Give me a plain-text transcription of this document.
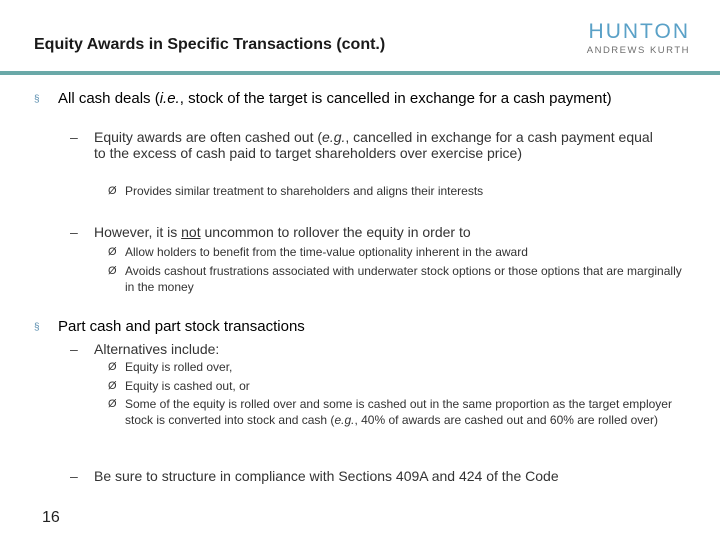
Equity Awards in Specific Transactions (cont.)
HUNTON
ANDREWS KURTH
§	All cash deals (i.e., stock of the target is cancelled in exchange for a cash payment)
–	Equity awards are often cashed out (e.g., cancelled in exchange for a cash payment equal to the excess of cash paid to target shareholders over exercise price)
Ø Provides similar treatment to shareholders and aligns their interests
–	However, it is not uncommon to rollover the equity in order to
Ø Allow holders to benefit from the time-value optionality inherent in the award
Ø Avoids cashout frustrations associated with underwater stock options or those options that are marginally in the money
§	Part cash and part stock transactions
–	Alternatives include:
Ø Equity is rolled over,
Ø Equity is cashed out, or
Ø Some of the equity is rolled over and some is cashed out in the same proportion as the target employer stock is converted into stock and cash (e.g., 40% of awards are cashed out and 60% are rolled over)
–	Be sure to structure in compliance with Sections 409A and 424 of the Code
16
